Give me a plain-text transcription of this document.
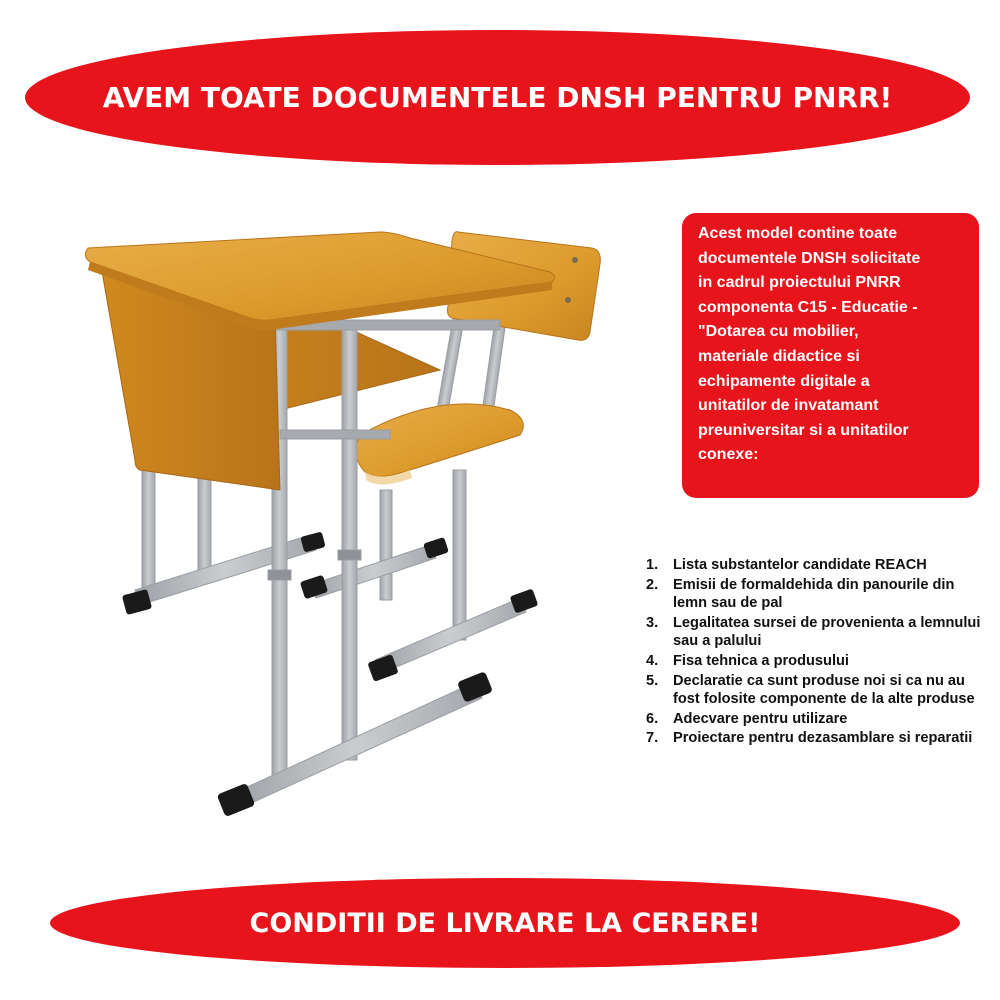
AVEM TOATE DOCUMENTELE DNSH PENTRU PNRR!
Acest model contine toate
documentele DNSH solicitate
in cadrul proiectului PNRR
componenta C15 - Educatie -
"Dotarea cu mobilier,
materiale didactice si
echipamente digitale a
unitatilor de invatamant
preuniversitar si a unitatilor
conexe:
1. Lista substantelor candidate REACH
2. Emisii de formaldehida din panourile din lemn sau de pal
3. Legalitatea sursei de provenienta a lemnului sau a palului
4. Fisa tehnica a produsului
5. Declaratie ca sunt produse noi si ca nu au fost folosite componente de la alte produse
6. Adecvare pentru utilizare
7. Proiectare pentru dezasamblare si reparatii
CONDITII DE LIVRARE LA CERERE!
